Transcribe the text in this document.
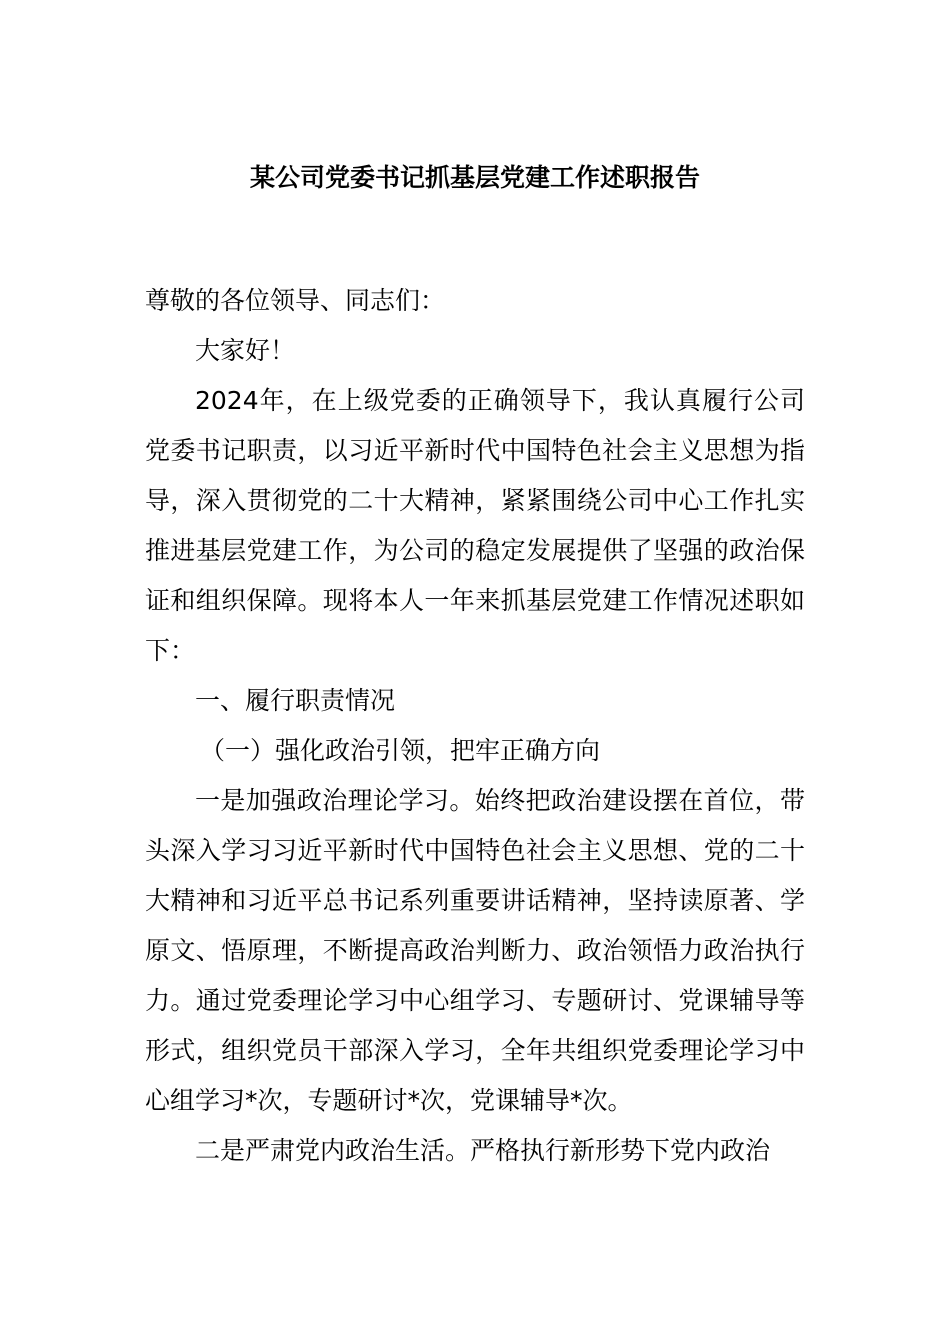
某公司党委书记抓基层党建工作述职报告

尊敬的各位领导、同志们：

大家好！

2024年，在上级党委的正确领导下，我认真履行公司党委书记职责，以习近平新时代中国特色社会主义思想为指导，深入贯彻党的二十大精神，紧紧围绕公司中心工作扎实推进基层党建工作，为公司的稳定发展提供了坚强的政治保证和组织保障。现将本人一年来抓基层党建工作情况述职如下：

一、履行职责情况

（一）强化政治引领，把牢正确方向

一是加强政治理论学习。始终把政治建设摆在首位，带头深入学习习近平新时代中国特色社会主义思想、党的二十大精神和习近平总书记系列重要讲话精神，坚持读原著、学原文、悟原理，不断提高政治判断力、政治领悟力政治执行力。通过党委理论学习中心组学习、专题研讨、党课辅导等形式，组织党员干部深入学习，全年共组织党委理论学习中心组学习*次，专题研讨*次，党课辅导*次。

二是严肃党内政治生活。严格执行新形势下党内政治
